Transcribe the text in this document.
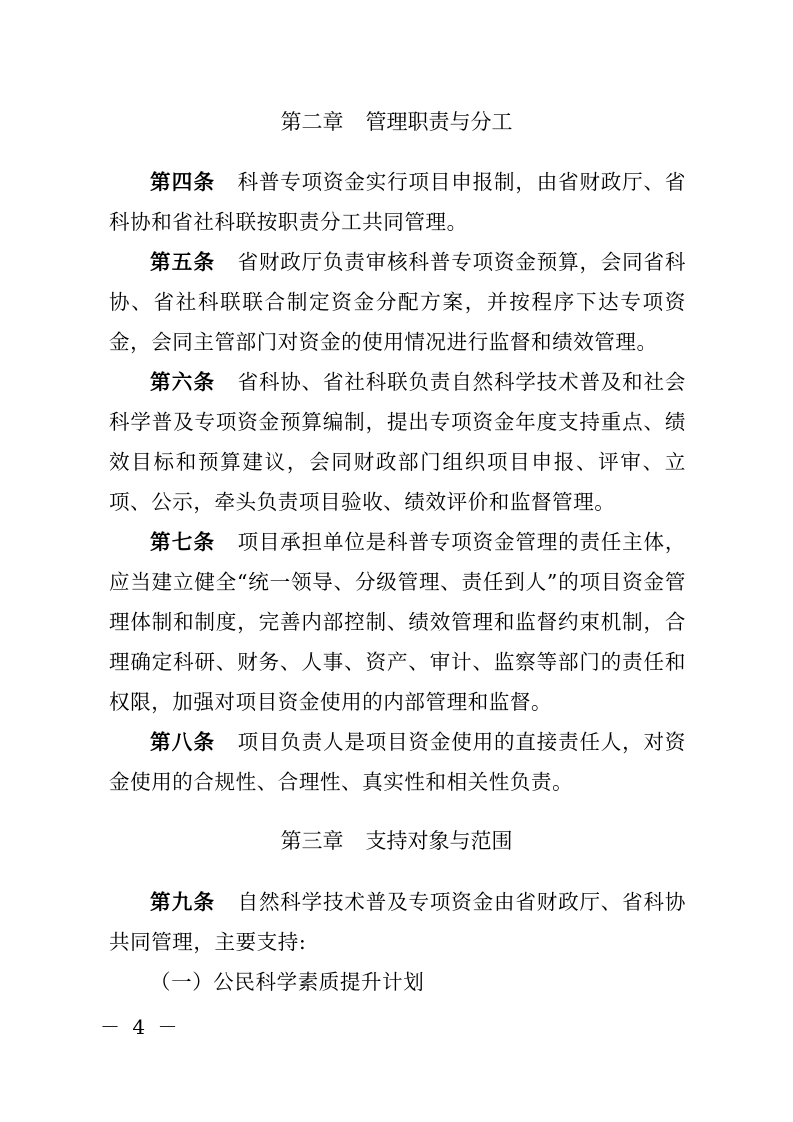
第二章 管理职责与分工

第四条 科普专项资金实行项目申报制，由省财政厅、省科协和省社科联按职责分工共同管理。

第五条 省财政厅负责审核科普专项资金预算，会同省科协、省社科联联合制定资金分配方案，并按程序下达专项资金，会同主管部门对资金的使用情况进行监督和绩效管理。

第六条 省科协、省社科联负责自然科学技术普及和社会科学普及专项资金预算编制，提出专项资金年度支持重点、绩效目标和预算建议，会同财政部门组织项目申报、评审、立项、公示，牵头负责项目验收、绩效评价和监督管理。

第七条 项目承担单位是科普专项资金管理的责任主体，应当建立健全“统一领导、分级管理、责任到人”的项目资金管理体制和制度，完善内部控制、绩效管理和监督约束机制，合理确定科研、财务、人事、资产、审计、监察等部门的责任和权限，加强对项目资金使用的内部管理和监督。

第八条 项目负责人是项目资金使用的直接责任人，对资金使用的合规性、合理性、真实性和相关性负责。

第三章 支持对象与范围

第九条 自然科学技术普及专项资金由省财政厅、省科协共同管理，主要支持:

（一）公民科学素质提升计划

－ 4 －
